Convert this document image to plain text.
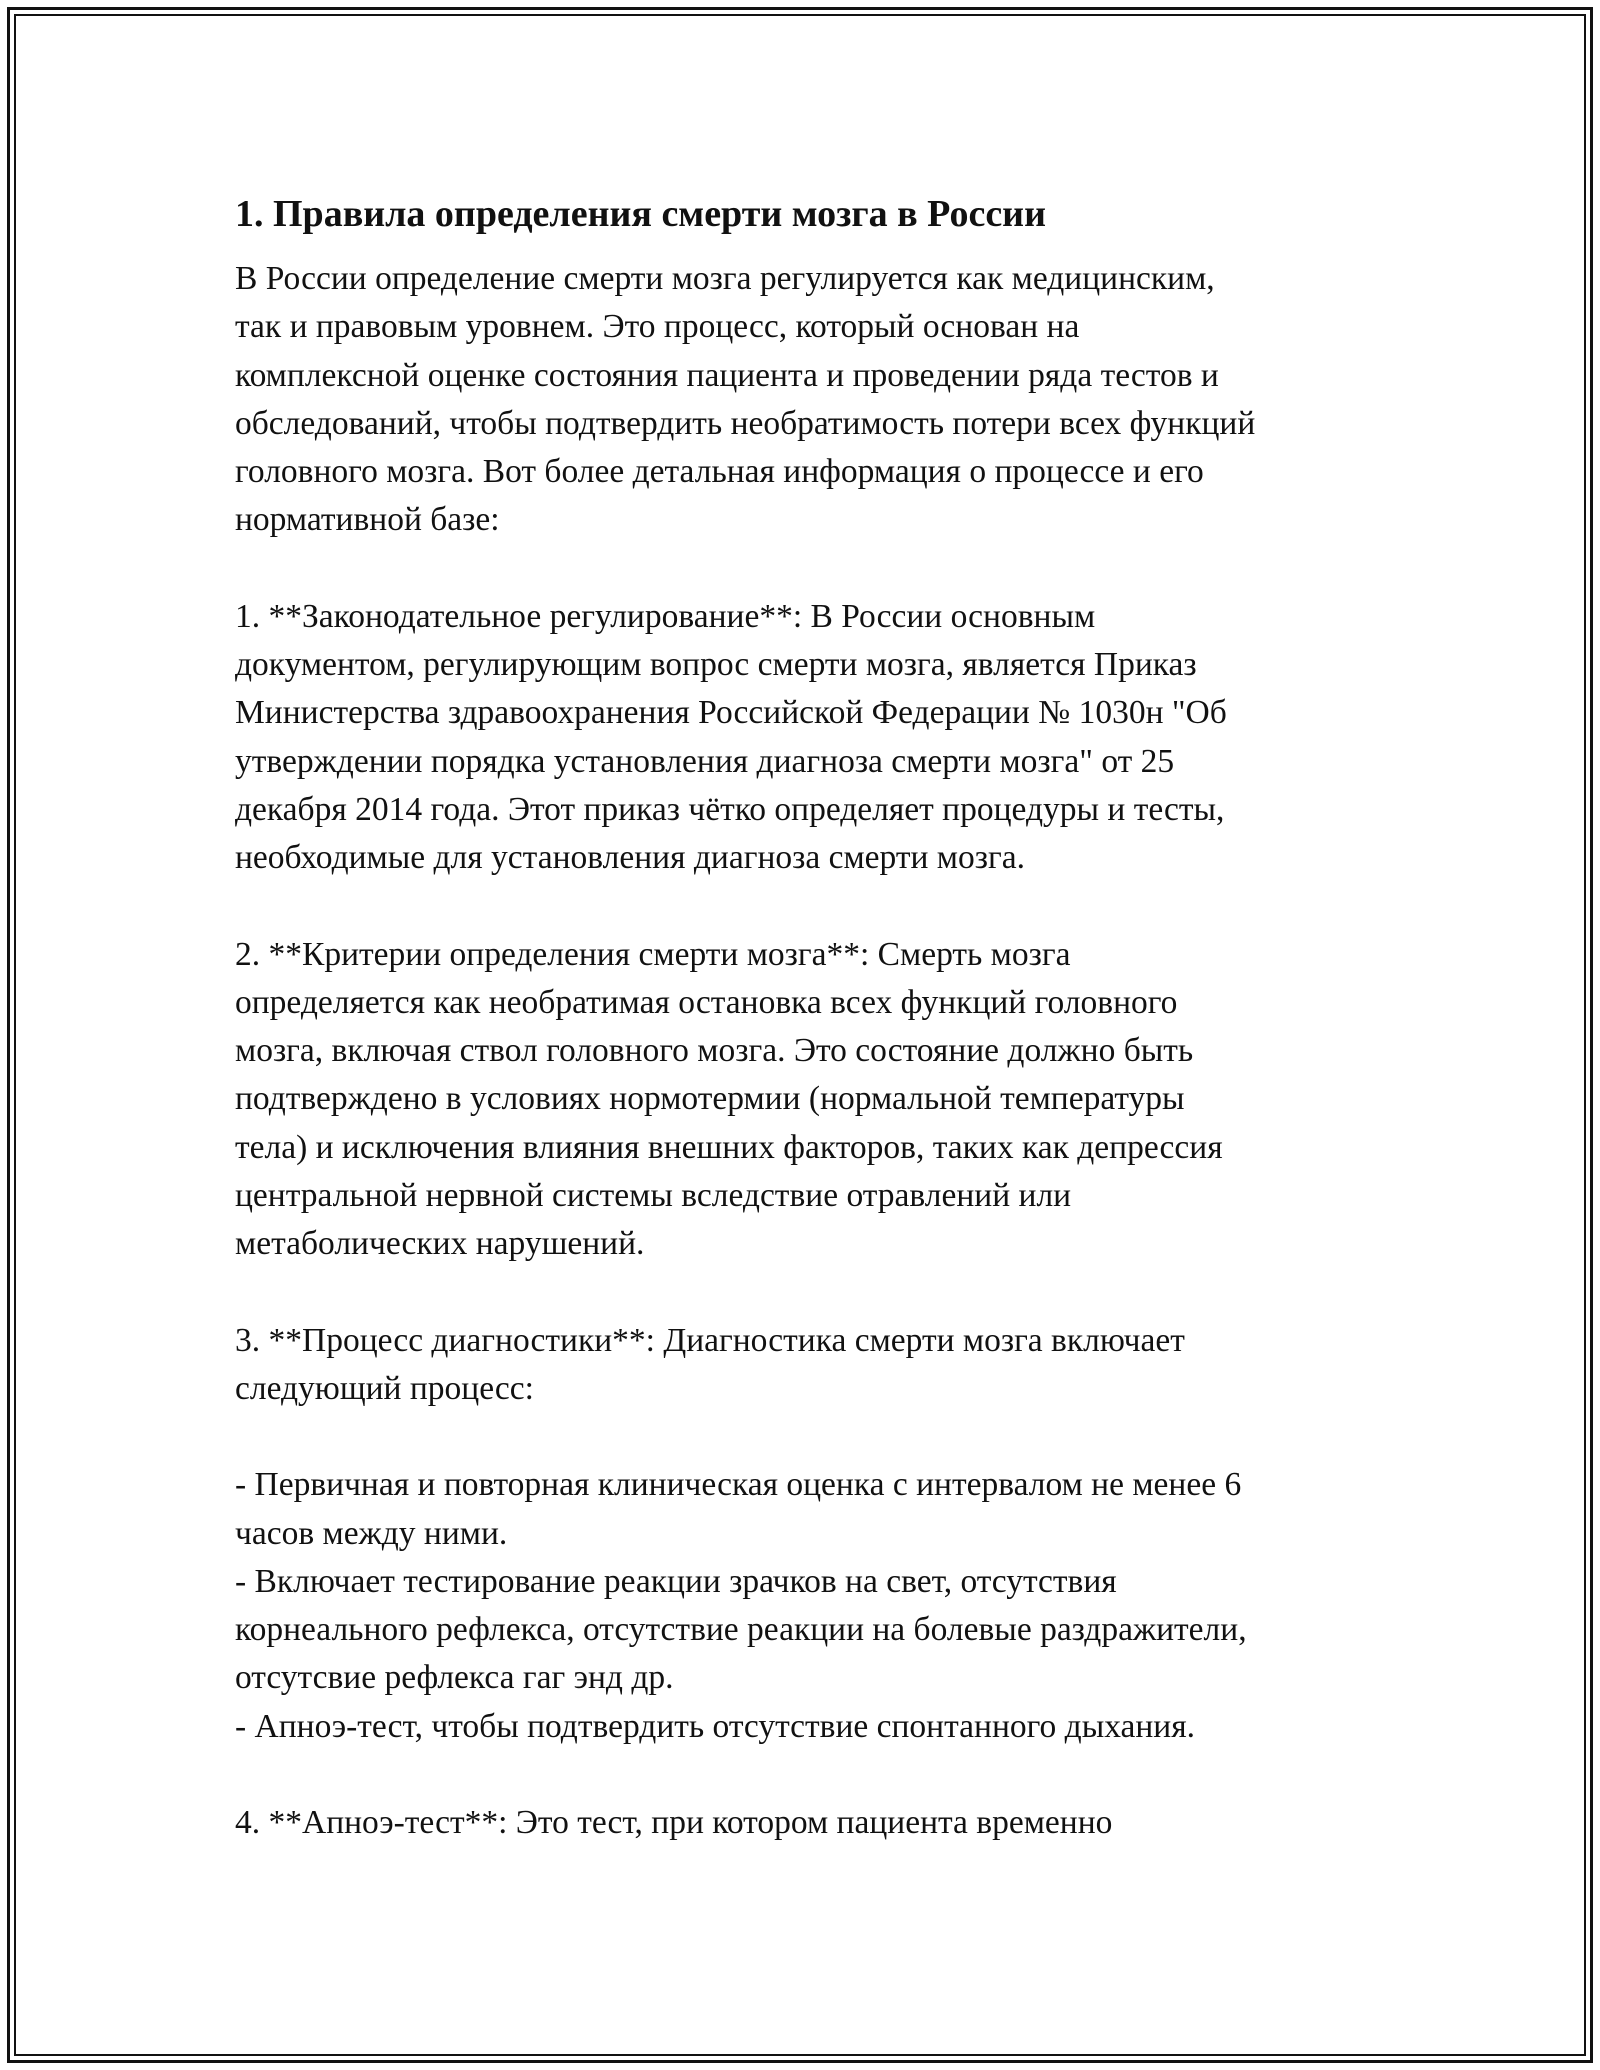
1. Правила определения смерти мозга в России

В России определение смерти мозга регулируется как медицинским,
так и правовым уровнем. Это процесс, который основан на
комплексной оценке состояния пациента и проведении ряда тестов и
обследований, чтобы подтвердить необратимость потери всех функций
головного мозга. Вот более детальная информация о процессе и его
нормативной базе:

1. **Законодательное регулирование**: В России основным
документом, регулирующим вопрос смерти мозга, является Приказ
Министерства здравоохранения Российской Федерации № 1030н "Об
утверждении порядка установления диагноза смерти мозга" от 25
декабря 2014 года. Этот приказ чётко определяет процедуры и тесты,
необходимые для установления диагноза смерти мозга.

2. **Критерии определения смерти мозга**: Смерть мозга
определяется как необратимая остановка всех функций головного
мозга, включая ствол головного мозга. Это состояние должно быть
подтверждено в условиях нормотермии (нормальной температуры
тела) и исключения влияния внешних факторов, таких как депрессия
центральной нервной системы вследствие отравлений или
метаболических нарушений.

3. **Процесс диагностики**: Диагностика смерти мозга включает
следующий процесс:

- Первичная и повторная клиническая оценка с интервалом не менее 6
часов между ними.
- Включает тестирование реакции зрачков на свет, отсутствия
корнеального рефлекса, отсутствие реакции на болевые раздражители,
отсутсвие рефлекса гаг энд др.
- Апноэ-тест, чтобы подтвердить отсутствие спонтанного дыхания.

4. **Апноэ-тест**: Это тест, при котором пациента временно
